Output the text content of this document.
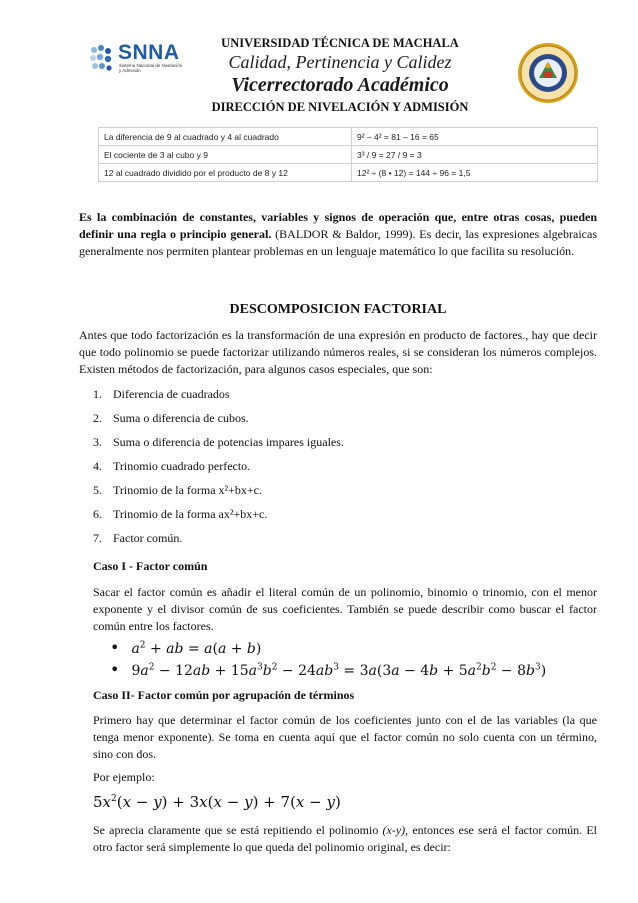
SNNA
Sistema Nacional de Nivelación y Admisión
UNIVERSIDAD TÉCNICA DE MACHALA
Calidad, Pertinencia y Calidez
Vicerrectorado Académico
DIRECCIÓN DE NIVELACIÓN Y ADMISIÓN
La diferencia de 9 al cuadrado y 4 al cuadrado	9² – 4² = 81 – 16 = 65
El cociente de 3 al cubo y 9	3³ / 9 = 27 / 9 = 3
12 al cuadrado dividido por el producto de 8 y 12	12² ÷ (8 • 12) = 144 ÷ 96 = 1,5
Es la combinación de constantes, variables y signos de operación que, entre otras cosas, pueden definir una regla o principio general. (BALDOR & Baldor, 1999). Es decir, las expresiones algebraicas generalmente nos permiten plantear problemas en un lenguaje matemático lo que facilita su resolución.
DESCOMPOSICION FACTORIAL
Antes que todo factorización es la transformación de una expresión en producto de factores., hay que decir que todo polinomio se puede factorizar utilizando números reales, si se consideran los números complejos. Existen métodos de factorización, para algunos casos especiales, que son:
1. Diferencia de cuadrados
2. Suma o diferencia de cubos.
3. Suma o diferencia de potencias impares iguales.
4. Trinomio cuadrado perfecto.
5. Trinomio de la forma x²+bx+c.
6. Trinomio de la forma ax²+bx+c.
7. Factor común.
Caso I - Factor común
Sacar el factor común es añadir el literal común de un polinomio, binomio o trinomio, con el menor exponente y el divisor común de sus coeficientes. También se puede describir como buscar el factor común entre los factores.
• $a^2$ + ab = a(a + b)
• $9a^2 - 12ab + 15a^3b^2 - 24ab^3 = 3a(3a - 4b + 5a^2b^2 - 8b^3)$
Caso II- Factor común por agrupación de términos
Primero hay que determinar el factor común de los coeficientes junto con el de las variables (la que tenga menor exponente). Se toma en cuenta aquí que el factor común no solo cuenta con un término, sino con dos.
Por ejemplo:
$5x^2(x - y) + 3x(x - y) + 7(x - y)$
Se aprecia claramente que se está repitiendo el polinomio (x-y), entonces ese será el factor común. El otro factor será simplemente lo que queda del polinomio original, es decir:
